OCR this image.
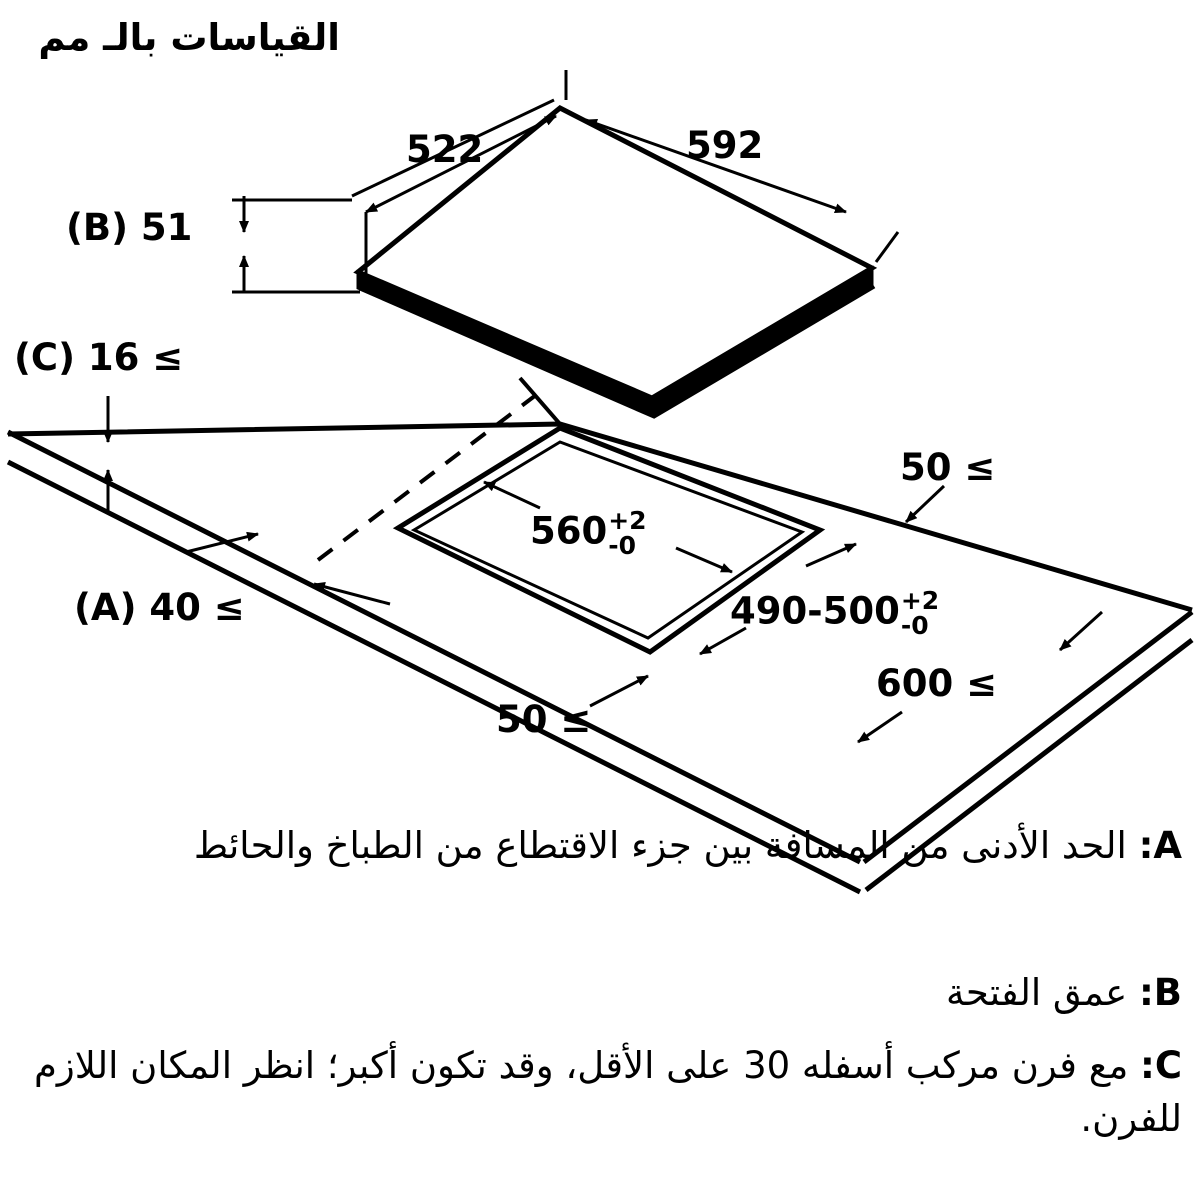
القياسات بالـ مم
592
522
51 (B)
≥ 16 (C)
≥ 40 (A)
560 +2
-0
490-500 +2
-0
≥ 50
≥ 600
≥ 50
A: الحد الأدنى من المسافة بين جزء الاقتطاع من الطباخ والحائط
B: عمق الفتحة
C: مع فرن مركب أسفله 30 على الأقل، وقد تكون أكبر؛ انظر المكان اللازم للفرن.
